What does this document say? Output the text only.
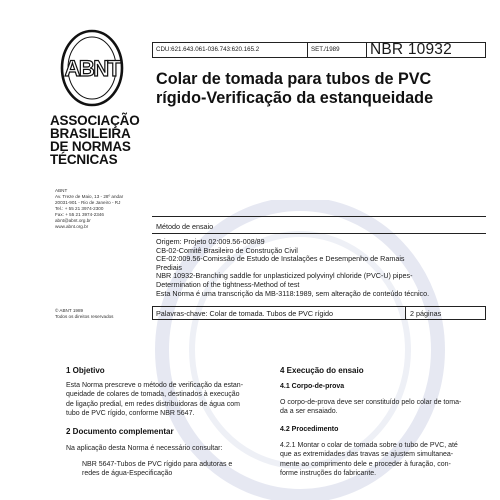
ABNT
ASSOCIAÇÃO
BRASILEIRA
DE NORMAS
TÉCNICAS
ABNT
Av. Treze de Maio, 13 - 28º andar
20031-901 - Rio de Janeiro - RJ
Tel.: + 55 21 3974-2300
Fax: + 55 21 3974-2346
abnt@abnt.org.br
www.abnt.org.br
© ABNT 1989
Todos os direitos reservados
CDU:621.643.061-036.743:620.165.2	SET./1989 NBR 10932
Colar de tomada para tubos de PVC
rígido-Verificação da estanqueidade
Método de ensaio
Origem: Projeto 02:009.56-008/89
CB-02-Comitê Brasileiro de Construção Civil
CE-02:009.56-Comissão de Estudo de Instalações e Desempenho de Ramais
Prediais
NBR 10932-Branching saddle for unplasticized polyvinyl chloride (PVC-U) pipes-
Determination of the tightness-Method of test
Esta Norma é uma transcrição da MB-3118:1989, sem alteração de conteúdo técnico.
Palavras-chave: Colar de tomada. Tubos de PVC rígido	2 páginas
1 Objetivo
Esta Norma prescreve o método de verificação da estan-
queidade de colares de tomada, destinados à execução
de ligação predial, em redes distribuidoras de água com
tubo de PVC rígido, conforme NBR 5647.
2 Documento complementar
Na aplicação desta Norma é necessário consultar:
NBR 5647-Tubos de PVC rígido para adutoras e
redes de água-Especificação
4 Execução do ensaio
4.1 Corpo-de-prova
O corpo-de-prova deve ser constituído pelo colar de toma-
da a ser ensaiado.
4.2 Procedimento
4.2.1 Montar o colar de tomada sobre o tubo de PVC, até
que as extremidades das travas se ajustem simultanea-
mente ao comprimento dele e proceder à furação, con-
forme instruções do fabricante.
